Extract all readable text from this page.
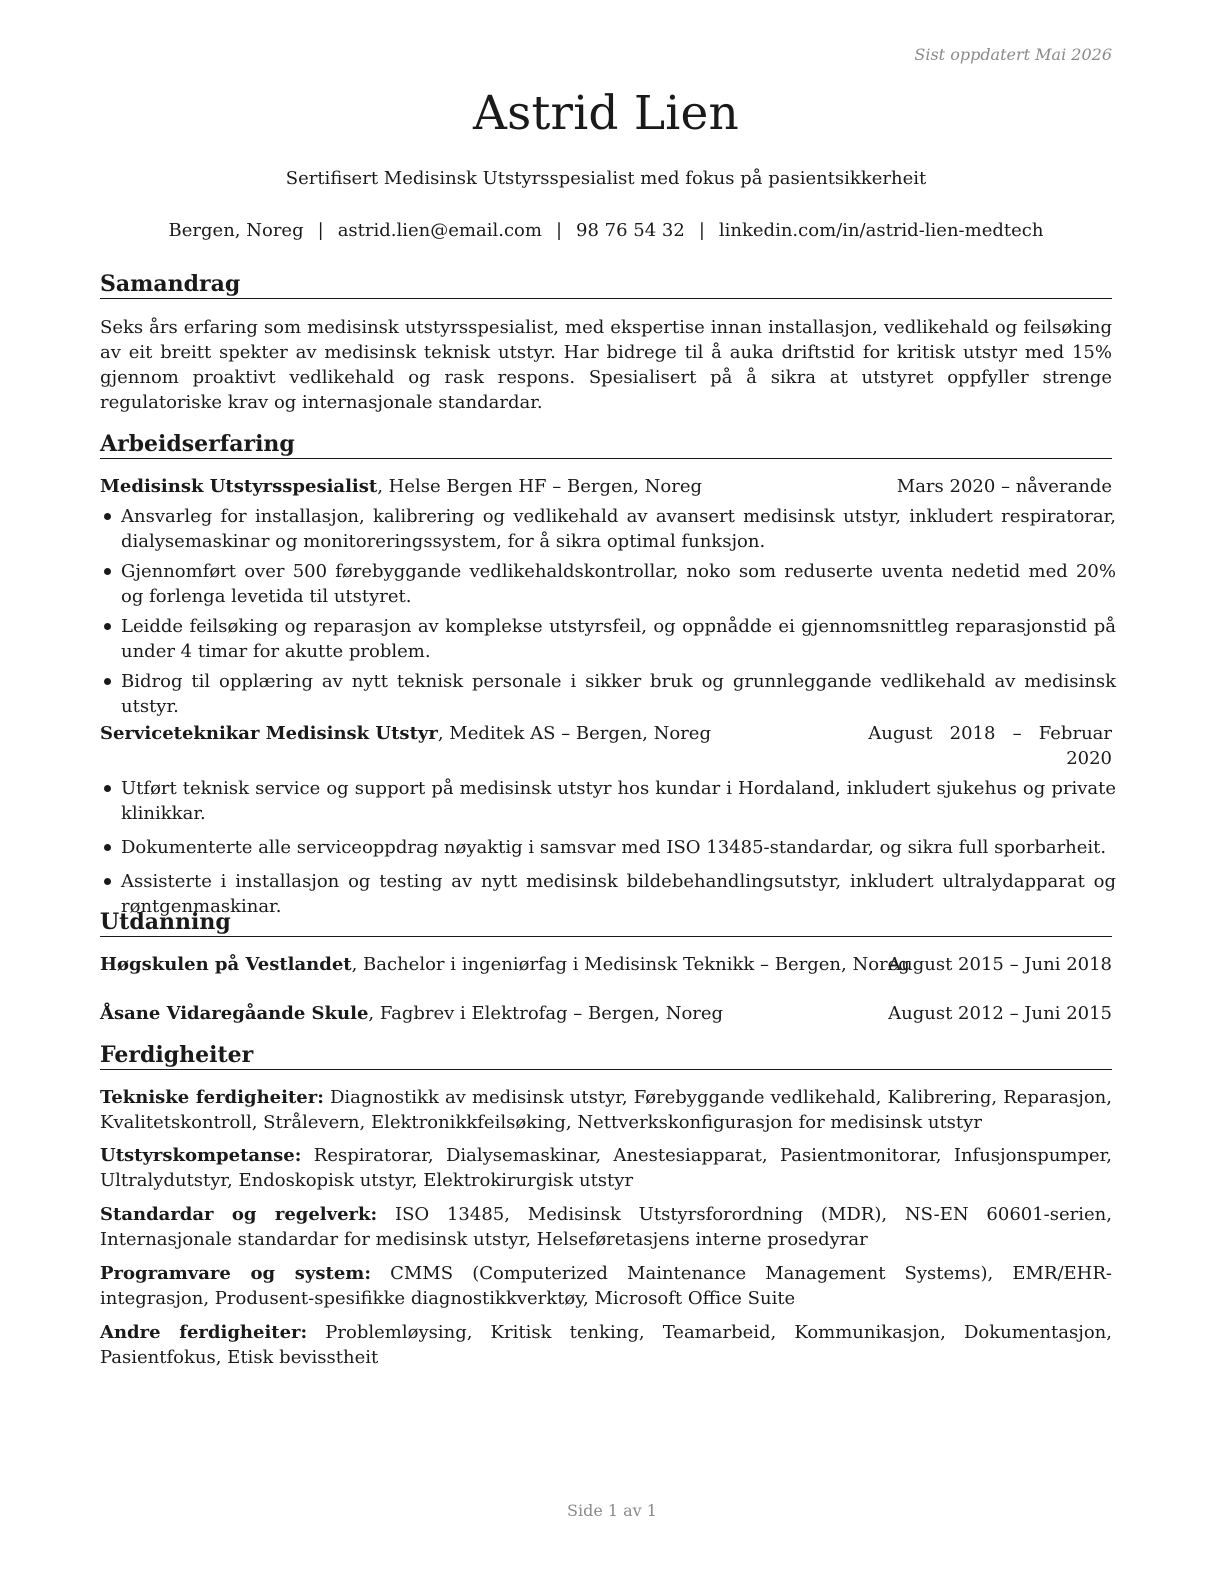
Sist oppdatert Mai 2026
Astrid Lien
Sertifisert Medisinsk Utstyrsspesialist med fokus på pasientsikkerheit
Bergen, Noreg | astrid.lien@email.com | 98 76 54 32 | linkedin.com/in/astrid-lien-medtech
Samandrag

Seks års erfaring som medisinsk utstyrsspesialist, med ekspertise innan installasjon, vedlikehald og feilsøking av eit breitt spekter av medisinsk teknisk utstyr. Har bidrege til å auka driftstid for kritisk utstyr med 15% gjennom proaktivt vedlikehald og rask respons. Spesialisert på å sikra at utstyret oppfyller strenge regulatoriske krav og internasjonale standardar.

Arbeidserfaring
Medisinsk Utstyrsspesialist, Helse Bergen HF – Bergen, Noreg	Mars 2020 – nåverande
Ansvarleg for installasjon, kalibrering og vedlikehald av avansert medisinsk utstyr, inkludert respiratorar, dialysemaskinar og monitoreringssystem, for å sikra optimal funksjon.
Gjennomført over 500 førebyggande vedlikehaldskontrollar, noko som reduserte uventa nedetid med 20% og forlenga levetida til utstyret.
Leidde feilsøking og reparasjon av komplekse utstyrsfeil, og oppnådde ei gjennomsnittleg reparasjonstid på under 4 timar for akutte problem.
Bidrog til opplæring av nytt teknisk personale i sikker bruk og grunnleggande vedlikehald av medisinsk utstyr.
Serviceteknikar Medisinsk Utstyr, Meditek AS – Bergen, Noreg	August   2018   –   Februar
2020
Utført teknisk service og support på medisinsk utstyr hos kundar i Hordaland, inkludert sjukehus og private klinikkar.
Dokumenterte alle serviceoppdrag nøyaktig i samsvar med ISO 13485-standardar, og sikra full sporbarheit.
Assisterte i installasjon og testing av nytt medisinsk bildebehandlingsutstyr, inkludert ultralydapparat og røntgenmaskinar.
Utdanning
Høgskulen på Vestlandet, Bachelor i ingeniørfag i Medisinsk Teknikk – Bergen, Noreg
August 2015 – Juni 2018
Åsane Vidaregåande Skule, Fagbrev i Elektrofag – Bergen, Noreg	August 2012 – Juni 2015
Ferdigheiter

Tekniske ferdigheiter: Diagnostikk av medisinsk utstyr, Førebyggande vedlikehald, Kalibrering, Reparasjon, Kvalitetskontroll, Strålevern, Elektronikkfeilsøking, Nettverkskonfigurasjon for medisinsk utstyr

Utstyrskompetanse: Respiratorar, Dialysemaskinar, Anestesiapparat, Pasientmonitorar, Infusjonspumper, Ultralydutstyr, Endoskopisk utstyr, Elektrokirurgisk utstyr

Standardar og regelverk: ISO 13485, Medisinsk Utstyrsforordning (MDR), NS-EN 60601-serien, Internasjonale standardar for medisinsk utstyr, Helseføretasjens interne prosedyrar

Programvare og system: CMMS (Computerized Maintenance Management Systems), EMR/EHR-integrasjon, Produsent-spesifikke diagnostikkverktøy, Microsoft Office Suite

Andre ferdigheiter: Problemløysing, Kritisk tenking, Teamarbeid, Kommunikasjon, Dokumentasjon, Pasientfokus, Etisk bevisstheit

Side 1 av 1
